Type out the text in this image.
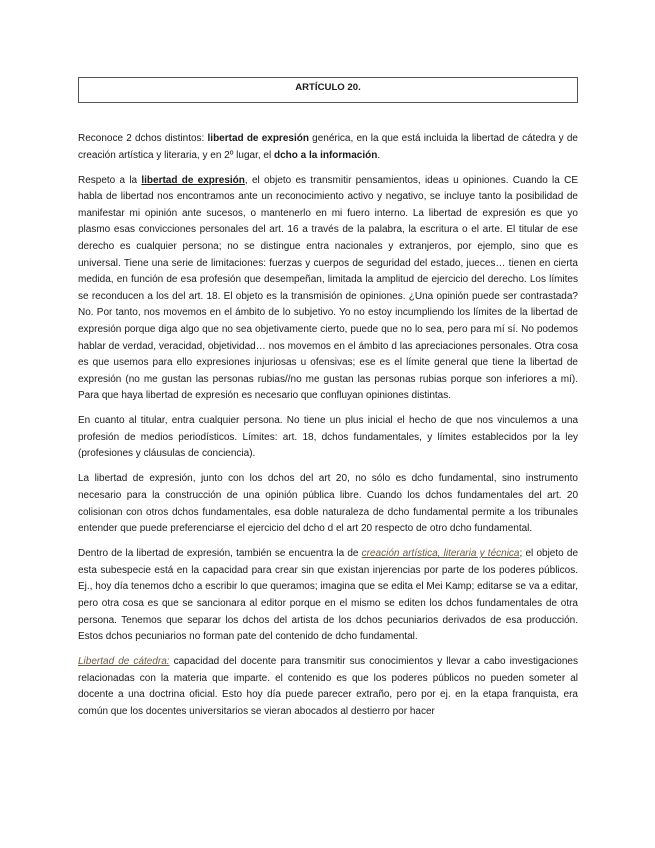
ARTÍCULO 20.

Reconoce 2 dchos distintos: libertad de expresión genérica, en la que está incluida la libertad de cátedra y de creación artística y literaria, y en 2º lugar, el dcho a la información.

Respeto a la libertad de expresión, el objeto es transmitir pensamientos, ideas u opiniones. Cuando la CE habla de libertad nos encontramos ante un reconocimiento activo y negativo, se incluye tanto la posibilidad de manifestar mi opinión ante sucesos, o mantenerlo en mi fuero interno. La libertad de expresión es que yo plasmo esas convicciones personales del art. 16 a través de la palabra, la escritura o el arte. El titular de ese derecho es cualquier persona; no se distingue entra nacionales y extranjeros, por ejemplo, sino que es universal. Tiene una serie de limitaciones: fuerzas y cuerpos de seguridad del estado, jueces… tienen en cierta medida, en función de esa profesión que desempeñan, limitada la amplitud de ejercicio del derecho. Los límites se reconducen a los del art. 18. El objeto es la transmisión de opiniones. ¿Una opinión puede ser contrastada? No. Por tanto, nos movemos en el ámbito de lo subjetivo. Yo no estoy incumpliendo los límites de la libertad de expresión porque diga algo que no sea objetivamente cierto, puede que no lo sea, pero para mí sí. No podemos hablar de verdad, veracidad, objetividad… nos movemos en el ámbito d las apreciaciones personales. Otra cosa es que usemos para ello expresiones injuriosas u ofensivas; ese es el límite general que tiene la libertad de expresión (no me gustan las personas rubias//no me gustan las personas rubias porque son inferiores a mí). Para que haya libertad de expresión es necesario que confluyan opiniones distintas.

En cuanto al titular, entra cualquier persona. No tiene un plus inicial el hecho de que nos vinculemos a una profesión de medios periodísticos. Límites: art. 18, dchos fundamentales, y límites establecidos por la ley (profesiones y cláusulas de conciencia).

La libertad de expresión, junto con los dchos del art 20, no sólo es dcho fundamental, sino instrumento necesario para la construcción de una opinión pública libre. Cuando los dchos fundamentales del art. 20 colisionan con otros dchos fundamentales, esa doble naturaleza de dcho fundamental permite a los tribunales entender que puede preferenciarse el ejercicio del dcho d el art 20 respecto de otro dcho fundamental.

Dentro de la libertad de expresión, también se encuentra la de creación artística, literaria y técnica; el objeto de esta subespecie está en la capacidad para crear sin que existan injerencias por parte de los poderes públicos. Ej., hoy día tenemos dcho a escribir lo que queramos; imagina que se edita el Mei Kamp; editarse se va a editar, pero otra cosa es que se sancionara al editor porque en el mismo se editen los dchos fundamentales de otra persona. Tenemos que separar los dchos del artista de los dchos pecuniarios derivados de esa producción. Estos dchos pecuniarios no forman pate del contenido de dcho fundamental.

Libertad de cátedra: capacidad del docente para transmitir sus conocimientos y llevar a cabo investigaciones relacionadas con la materia que imparte. el contenido es que los poderes públicos no pueden someter al docente a una doctrina oficial. Esto hoy día puede parecer extraño, pero por ej. en la etapa franquista, era común que los docentes universitarios se vieran abocados al destierro por hacer
